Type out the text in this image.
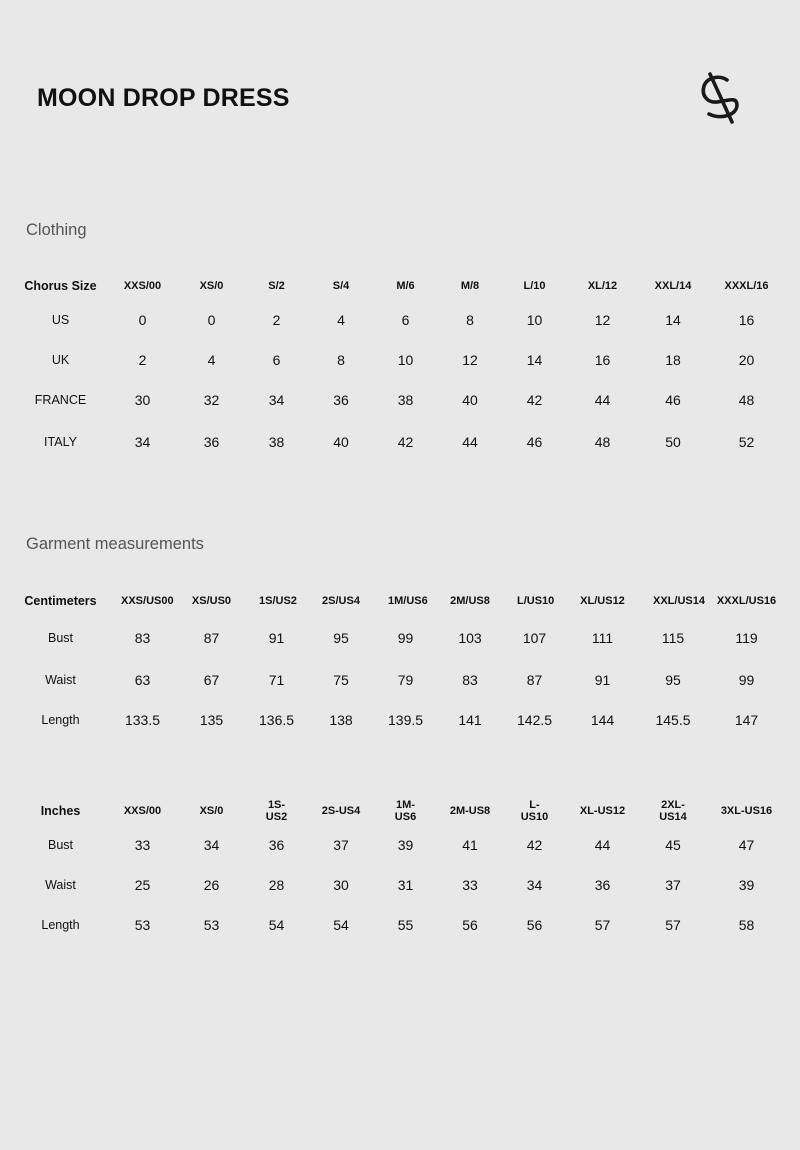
MOON DROP DRESS
Clothing
Chorus Size	XXS/00	XS/0	S/2	S/4	M/6	M/8	L/10	XL/12	XXL/14	XXXL/16
US	0	0	2	4	6	8	10	12	14	16
UK	2	4	6	8	10	12	14	16	18	20
FRANCE	30	32	34	36	38	40	42	44	46	48
ITALY	34	36	38	40	42	44	46	48	50	52
Garment measurements
Centimeters	XXS/US00	XS/US0	1S/US2	2S/US4	1M/US6	2M/US8	L/US10	XL/US12	XXL/US14	XXXL/US16
Bust	83	87	91	95	99	103	107	111	115	119
Waist	63	67	71	75	79	83	87	91	95	99
Length	133.5	135	136.5	138	139.5	141	142.5	144	145.5	147
Inches	XXS/00	XS/0	1S-US2	2S-US4	1M-US6	2M-US8	L-US10	XL-US12	2XL-US14	3XL-US16
Bust	33	34	36	37	39	41	42	44	45	47
Waist	25	26	28	30	31	33	34	36	37	39
Length	53	53	54	54	55	56	56	57	57	58
